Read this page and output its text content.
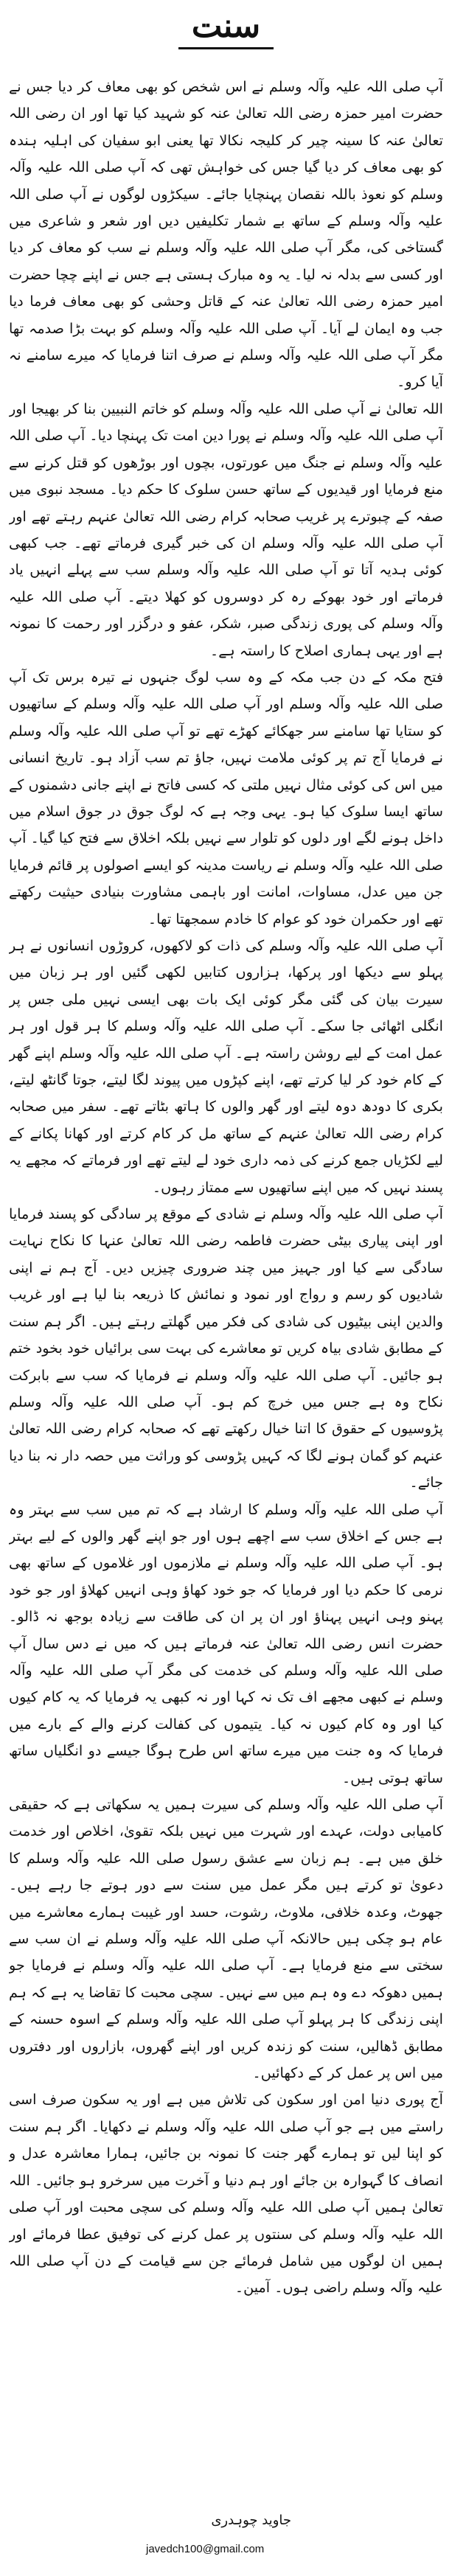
سنت

آپ صلی اللہ علیہ وآلہ وسلم نے اس شخص کو بھی معاف کر دیا جس نے حضرت امیر حمزہ رضی اللہ تعالیٰ عنہ کو شہید کیا تھا اور ان رضی اللہ تعالیٰ عنہ کا سینہ چیر کر کلیجہ نکالا تھا یعنی ابو سفیان کی اہلیہ ہندہ کو بھی معاف کر دیا گیا جس کی خواہش تھی کہ آپ صلی اللہ علیہ وآلہ وسلم کو نعوذ باللہ نقصان پہنچایا جائے۔ سیکڑوں لوگوں نے آپ صلی اللہ علیہ وآلہ وسلم کے ساتھ بے شمار تکلیفیں دیں اور شعر و شاعری میں گستاخی کی، مگر آپ صلی اللہ علیہ وآلہ وسلم نے سب کو معاف کر دیا اور کسی سے بدلہ نہ لیا۔ یہ وہ مبارک ہستی ہے جس نے اپنے چچا حضرت امیر حمزہ رضی اللہ تعالیٰ عنہ کے قاتل وحشی کو بھی معاف فرما دیا جب وہ ایمان لے آیا۔ آپ صلی اللہ علیہ وآلہ وسلم کو بہت بڑا صدمہ تھا مگر آپ صلی اللہ علیہ وآلہ وسلم نے صرف اتنا فرمایا کہ میرے سامنے نہ آیا کرو۔

اللہ تعالیٰ نے آپ صلی اللہ علیہ وآلہ وسلم کو خاتم النبیین بنا کر بھیجا اور آپ صلی اللہ علیہ وآلہ وسلم نے پورا دین امت تک پہنچا دیا۔ آپ صلی اللہ علیہ وآلہ وسلم نے جنگ میں عورتوں، بچوں اور بوڑھوں کو قتل کرنے سے منع فرمایا اور قیدیوں کے ساتھ حسن سلوک کا حکم دیا۔ مسجد نبوی میں صفہ کے چبوترے پر غریب صحابہ کرام رضی اللہ تعالیٰ عنہم رہتے تھے اور آپ صلی اللہ علیہ وآلہ وسلم ان کی خبر گیری فرماتے تھے۔ جب کبھی کوئی ہدیہ آتا تو آپ صلی اللہ علیہ وآلہ وسلم سب سے پہلے انہیں یاد فرماتے اور خود بھوکے رہ کر دوسروں کو کھلا دیتے۔ آپ صلی اللہ علیہ وآلہ وسلم کی پوری زندگی صبر، شکر، عفو و درگزر اور رحمت کا نمونہ ہے اور یہی ہماری اصلاح کا راستہ ہے۔

فتح مکہ کے دن جب مکہ کے وہ سب لوگ جنہوں نے تیرہ برس تک آپ صلی اللہ علیہ وآلہ وسلم اور آپ صلی اللہ علیہ وآلہ وسلم کے ساتھیوں کو ستایا تھا سامنے سر جھکائے کھڑے تھے تو آپ صلی اللہ علیہ وآلہ وسلم نے فرمایا آج تم پر کوئی ملامت نہیں، جاؤ تم سب آزاد ہو۔ تاریخ انسانی میں اس کی کوئی مثال نہیں ملتی کہ کسی فاتح نے اپنے جانی دشمنوں کے ساتھ ایسا سلوک کیا ہو۔ یہی وجہ ہے کہ لوگ جوق در جوق اسلام میں داخل ہونے لگے اور دلوں کو تلوار سے نہیں بلکہ اخلاق سے فتح کیا گیا۔ آپ صلی اللہ علیہ وآلہ وسلم نے ریاست مدینہ کو ایسے اصولوں پر قائم فرمایا جن میں عدل، مساوات، امانت اور باہمی مشاورت بنیادی حیثیت رکھتے تھے اور حکمران خود کو عوام کا خادم سمجھتا تھا۔

آپ صلی اللہ علیہ وآلہ وسلم کی ذات کو لاکھوں، کروڑوں انسانوں نے ہر پہلو سے دیکھا اور پرکھا، ہزاروں کتابیں لکھی گئیں اور ہر زبان میں سیرت بیان کی گئی مگر کوئی ایک بات بھی ایسی نہیں ملی جس پر انگلی اٹھائی جا سکے۔ آپ صلی اللہ علیہ وآلہ وسلم کا ہر قول اور ہر عمل امت کے لیے روشن راستہ ہے۔ آپ صلی اللہ علیہ وآلہ وسلم اپنے گھر کے کام خود کر لیا کرتے تھے، اپنے کپڑوں میں پیوند لگا لیتے، جوتا گانٹھ لیتے، بکری کا دودھ دوہ لیتے اور گھر والوں کا ہاتھ بٹاتے تھے۔ سفر میں صحابہ کرام رضی اللہ تعالیٰ عنہم کے ساتھ مل کر کام کرتے اور کھانا پکانے کے لیے لکڑیاں جمع کرنے کی ذمہ داری خود لے لیتے تھے اور فرماتے کہ مجھے یہ پسند نہیں کہ میں اپنے ساتھیوں سے ممتاز رہوں۔

آپ صلی اللہ علیہ وآلہ وسلم نے شادی کے موقع پر سادگی کو پسند فرمایا اور اپنی پیاری بیٹی حضرت فاطمہ رضی اللہ تعالیٰ عنہا کا نکاح نہایت سادگی سے کیا اور جہیز میں چند ضروری چیزیں دیں۔ آج ہم نے اپنی شادیوں کو رسم و رواج اور نمود و نمائش کا ذریعہ بنا لیا ہے اور غریب والدین اپنی بیٹیوں کی شادی کی فکر میں گھلتے رہتے ہیں۔ اگر ہم سنت کے مطابق شادی بیاہ کریں تو معاشرے کی بہت سی برائیاں خود بخود ختم ہو جائیں۔ آپ صلی اللہ علیہ وآلہ وسلم نے فرمایا کہ سب سے بابرکت نکاح وہ ہے جس میں خرچ کم ہو۔ آپ صلی اللہ علیہ وآلہ وسلم پڑوسیوں کے حقوق کا اتنا خیال رکھتے تھے کہ صحابہ کرام رضی اللہ تعالیٰ عنہم کو گمان ہونے لگا کہ کہیں پڑوسی کو وراثت میں حصہ دار نہ بنا دیا جائے۔

آپ صلی اللہ علیہ وآلہ وسلم کا ارشاد ہے کہ تم میں سب سے بہتر وہ ہے جس کے اخلاق سب سے اچھے ہوں اور جو اپنے گھر والوں کے لیے بہتر ہو۔ آپ صلی اللہ علیہ وآلہ وسلم نے ملازموں اور غلاموں کے ساتھ بھی نرمی کا حکم دیا اور فرمایا کہ جو خود کھاؤ وہی انہیں کھلاؤ اور جو خود پہنو وہی انہیں پہناؤ اور ان پر ان کی طاقت سے زیادہ بوجھ نہ ڈالو۔ حضرت انس رضی اللہ تعالیٰ عنہ فرماتے ہیں کہ میں نے دس سال آپ صلی اللہ علیہ وآلہ وسلم کی خدمت کی مگر آپ صلی اللہ علیہ وآلہ وسلم نے کبھی مجھے اف تک نہ کہا اور نہ کبھی یہ فرمایا کہ یہ کام کیوں کیا اور وہ کام کیوں نہ کیا۔ یتیموں کی کفالت کرنے والے کے بارے میں فرمایا کہ وہ جنت میں میرے ساتھ اس طرح ہوگا جیسے دو انگلیاں ساتھ ساتھ ہوتی ہیں۔

آپ صلی اللہ علیہ وآلہ وسلم کی سیرت ہمیں یہ سکھاتی ہے کہ حقیقی کامیابی دولت، عہدے اور شہرت میں نہیں بلکہ تقویٰ، اخلاص اور خدمت خلق میں ہے۔ ہم زبان سے عشق رسول صلی اللہ علیہ وآلہ وسلم کا دعویٰ تو کرتے ہیں مگر عمل میں سنت سے دور ہوتے جا رہے ہیں۔ جھوٹ، وعدہ خلافی، ملاوٹ، رشوت، حسد اور غیبت ہمارے معاشرے میں عام ہو چکی ہیں حالانکہ آپ صلی اللہ علیہ وآلہ وسلم نے ان سب سے سختی سے منع فرمایا ہے۔ آپ صلی اللہ علیہ وآلہ وسلم نے فرمایا جو ہمیں دھوکہ دے وہ ہم میں سے نہیں۔ سچی محبت کا تقاضا یہ ہے کہ ہم اپنی زندگی کا ہر پہلو آپ صلی اللہ علیہ وآلہ وسلم کے اسوہ حسنہ کے مطابق ڈھالیں، سنت کو زندہ کریں اور اپنے گھروں، بازاروں اور دفتروں میں اس پر عمل کر کے دکھائیں۔

آج پوری دنیا امن اور سکون کی تلاش میں ہے اور یہ سکون صرف اسی راستے میں ہے جو آپ صلی اللہ علیہ وآلہ وسلم نے دکھایا۔ اگر ہم سنت کو اپنا لیں تو ہمارے گھر جنت کا نمونہ بن جائیں، ہمارا معاشرہ عدل و انصاف کا گہوارہ بن جائے اور ہم دنیا و آخرت میں سرخرو ہو جائیں۔ اللہ تعالیٰ ہمیں آپ صلی اللہ علیہ وآلہ وسلم کی سچی محبت اور آپ صلی اللہ علیہ وآلہ وسلم کی سنتوں پر عمل کرنے کی توفیق عطا فرمائے اور ہمیں ان لوگوں میں شامل فرمائے جن سے قیامت کے دن آپ صلی اللہ علیہ وآلہ وسلم راضی ہوں۔ آمین۔

جاوید چوہدری
javedch100@gmail.com
